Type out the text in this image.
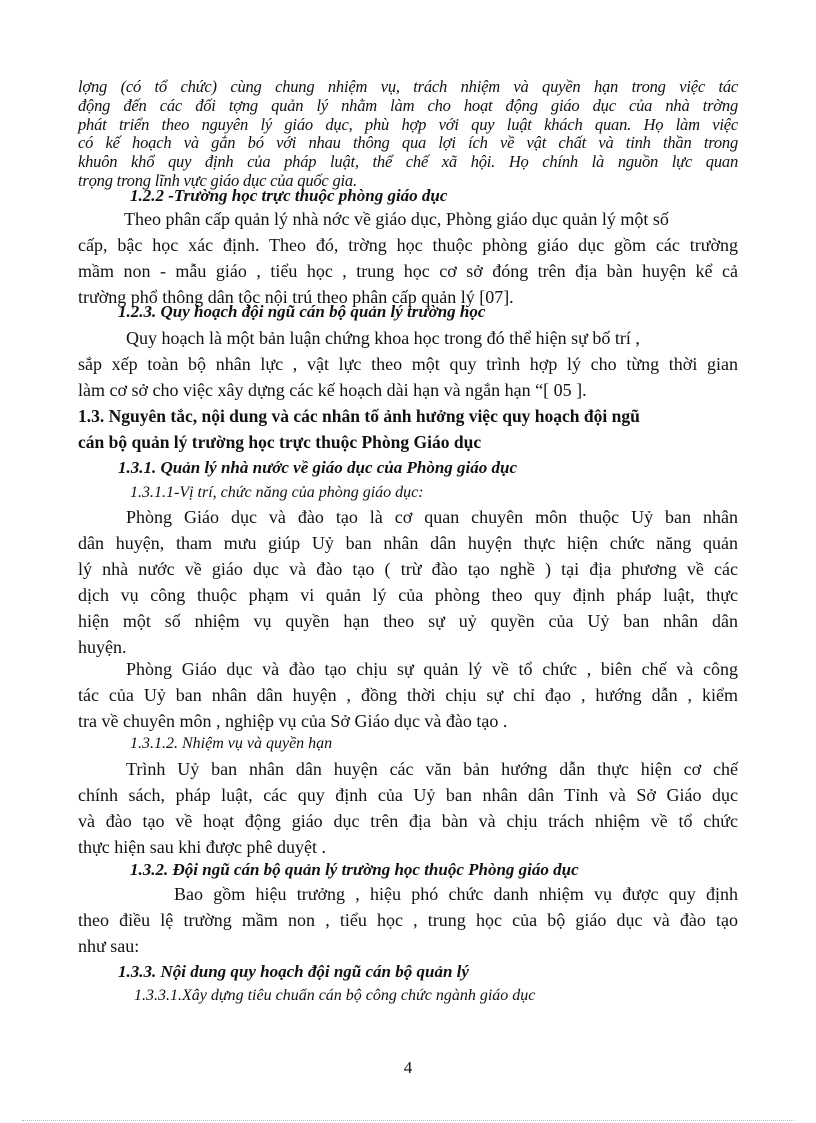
lợng (có tổ chức) cùng chung nhiệm vụ, trách nhiệm và quyền hạn trong việc tác
động đến các đối tợng quản lý nhằm làm cho hoạt động giáo dục của nhà trờng
phát triển theo nguyên lý giáo dục, phù hợp với quy luật khách quan. Họ làm việc
có kế hoạch và gắn bó với nhau thông qua lợi ích về vật chất và tinh thần trong
khuôn khổ quy định của pháp luật, thể chế xã hội. Họ chính là nguồn lực quan
trọng trong lĩnh vực giáo dục của quốc gia.
1.2.2 -Trường học trực thuộc phòng giáo dục
Theo phân cấp quản lý nhà nớc về giáo dục, Phòng giáo dục quản lý một số
cấp, bậc học xác định. Theo đó, trờng học thuộc phòng giáo dục gồm các trường
mầm non - mẫu giáo , tiểu học , trung học cơ sở đóng trên địa bàn huyện kể cả
trường phổ thông dân tộc nội trú theo phân cấp quản lý [07].
1.2.3. Quy hoạch đội ngũ cán bộ quản lý trường học
Quy hoạch là một bản luận chứng khoa học trong đó thể hiện sự bố trí ,
sắp xếp toàn bộ nhân lực , vật lực theo một quy trình hợp lý cho từng thời gian
làm cơ sở cho việc xây dựng các kế hoạch dài hạn và ngắn hạn “[ 05 ].
1.3. Nguyên tắc, nội dung và các nhân tố ảnh hưởng việc quy hoạch đội ngũ
cán bộ quản lý trường học trực thuộc Phòng Giáo dục
1.3.1. Quản lý nhà nước về giáo dục của Phòng giáo dục
1.3.1.1-Vị trí, chức năng của phòng giáo dục:
Phòng Giáo dục và đào tạo là cơ quan chuyên môn thuộc Uỷ ban nhân
dân huyện, tham mưu giúp Uỷ ban nhân dân huyện thực hiện chức năng quản
lý nhà nước về giáo dục và đào tạo ( trừ đào tạo nghề ) tại địa phương về các
dịch vụ công thuộc phạm vi quản lý của phòng theo quy định pháp luật, thực
hiện một số nhiệm vụ quyền hạn theo sự uỷ quyền của Uỷ ban nhân dân
huyện.
Phòng Giáo dục và đào tạo chịu sự quản lý về tổ chức , biên chế và công
tác của Uỷ ban nhân dân huyện , đồng thời chịu sự chỉ đạo , hướng dẫn , kiểm
tra về chuyên môn , nghiệp vụ của Sở Giáo dục và đào tạo .
1.3.1.2. Nhiệm vụ và quyền hạn
Trình Uỷ ban nhân dân huyện các văn bản hướng dẫn thực hiện cơ chế
chính sách, pháp luật, các quy định của Uỷ ban nhân dân Tỉnh và Sở Giáo dục
và đào tạo về hoạt động giáo dục trên địa bàn và chịu trách nhiệm về tổ chức
thực hiện sau khi được phê duyệt .
1.3.2. Đội ngũ cán bộ quản lý trường học thuộc Phòng giáo dục
Bao gồm hiệu trưởng , hiệu phó chức danh nhiệm vụ được quy định
theo điều lệ trường mầm non , tiểu học , trung học của bộ giáo dục và đào tạo
như sau:
1.3.3. Nội dung quy hoạch đội ngũ cán bộ quản lý
1.3.3.1.Xây dựng tiêu chuẩn cán bộ công chức ngành giáo dục
4
